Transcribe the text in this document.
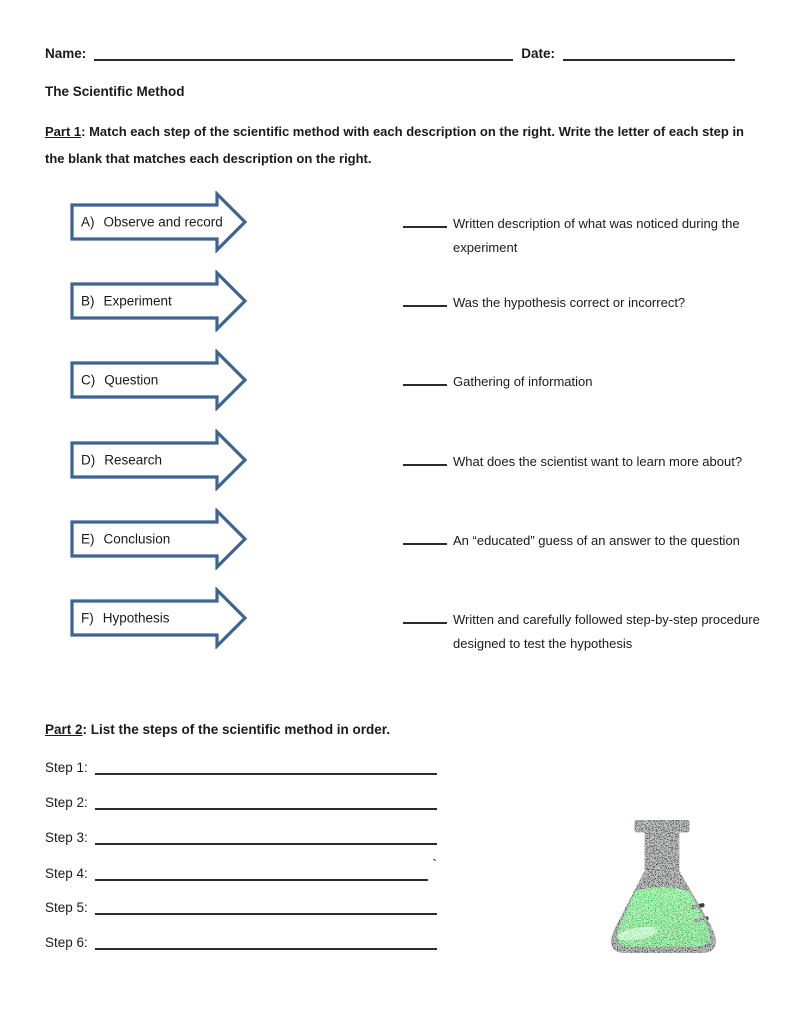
Name:	Date:
The Scientific Method

Part 1: Match each step of the scientific method with each description on the right. Write the letter of each step in the blank that matches each description on the right.

A) Observe and record
B) Experiment
C) Question
D) Research
E) Conclusion
F) Hypothesis
Written description of what was noticed during the experiment
Was the hypothesis correct or incorrect?
Gathering of information
What does the scientist want to learn more about?
An “educated” guess of an answer to the question
Written and carefully followed step-by-step procedure designed to test the hypothesis
Part 2: List the steps of the scientific method in order.
Step 1:
Step 2:
Step 3:
Step 4:
`
Step 5:
Step 6:
